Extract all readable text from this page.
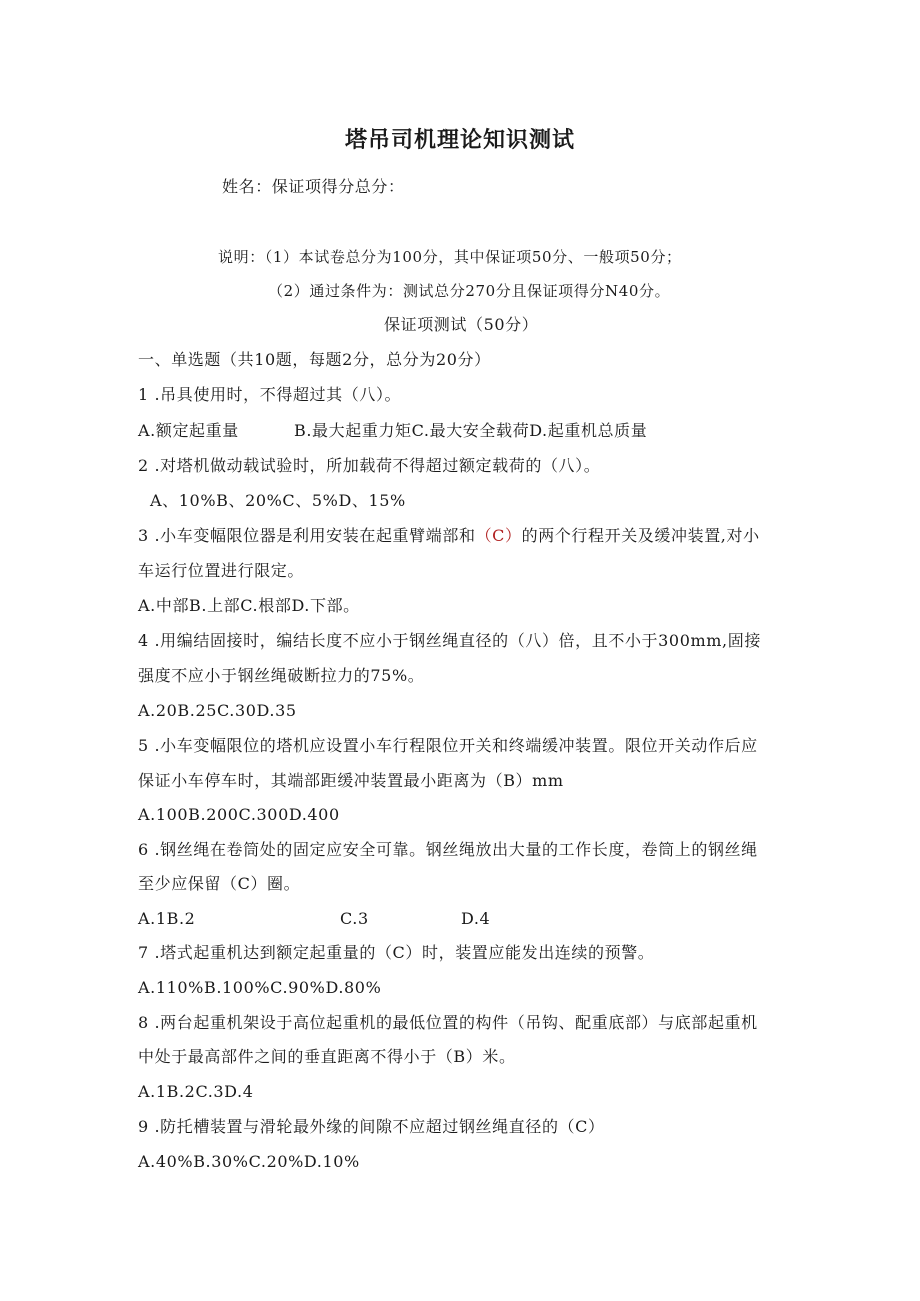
塔吊司机理论知识测试
姓名：保证项得分总分：
说明：（1）本试卷总分为100分，其中保证项50分、一般项50分；
（2）通过条件为：测试总分270分且保证项得分N40分。
保证项测试（50分）
一、单选题（共10题，每题2分，总分为20分）
1 .吊具使用时，不得超过其（八）。
A.额定起重量	B.最大起重力矩C.最大安全载荷D.起重机总质量
2 .对塔机做动载试验时，所加载荷不得超过额定载荷的（八）。
A、10%B、20%C、5%D、15%
3 .小车变幅限位器是利用安装在起重臂端部和（C）的两个行程开关及缓冲装置,对小
车运行位置进行限定。
A.中部B.上部C.根部D.下部。
4 .用编结固接时，编结长度不应小于钢丝绳直径的（八）倍，且不小于300mm,固接
强度不应小于钢丝绳破断拉力的75%。
A.20B.25C.30D.35
5 .小车变幅限位的塔机应设置小车行程限位开关和终端缓冲装置。限位开关动作后应
保证小车停车时，其端部距缓冲装置最小距离为（B）mm
A.100B.200C.300D.400
6 .钢丝绳在卷筒处的固定应安全可靠。钢丝绳放出大量的工作长度，卷筒上的钢丝绳
至少应保留（C）圈。
A.1B.2	C.3	D.4
7 .塔式起重机达到额定起重量的（C）时，装置应能发出连续的预警。
A.110%B.100%C.90%D.80%
8 .两台起重机架设于高位起重机的最低位置的构件（吊钩、配重底部）与底部起重机
中处于最高部件之间的垂直距离不得小于（B）米。
A.1B.2C.3D.4
9 .防托槽装置与滑轮最外缘的间隙不应超过钢丝绳直径的（C）
A.40%B.30%C.20%D.10%
